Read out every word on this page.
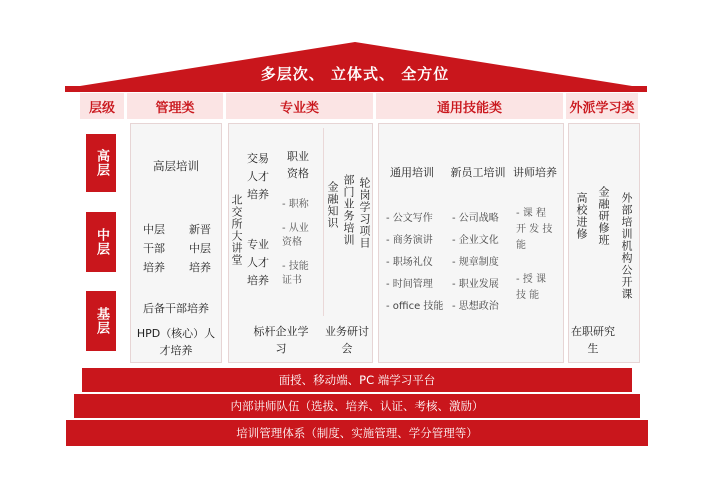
多层次、 立体式、 全方位
层级	管理类	专业类	通用技能类	外派学习类
高层
中层
基层
高层培训
中层干部培养
新晋中层培养
后备干部培养
HPD（核心）人才培养
北交所大讲堂
交易人才培养
专业人才培养
职业资格
- 职称
- 从业资格
- 技能证书
金融知识 部门业务培训 轮岗学习项目
标杆企业学习
业务研讨会
通用培训
- 公文写作
- 商务演讲
- 职场礼仪
- 时间管理
- office 技能
新员工培训
- 公司战略
- 企业文化
- 规章制度
- 职业发展
- 思想政治
讲师培养
- 课 程 开 发 技 能
- 授 课 技 能
高校进修 金融研修班 外部培训机构公开课
在职研究生
面授、移动端、PC 端学习平台
内部讲师队伍（选拔、培养、认证、考核、激励）
培训管理体系（制度、实施管理、学分管理等）
